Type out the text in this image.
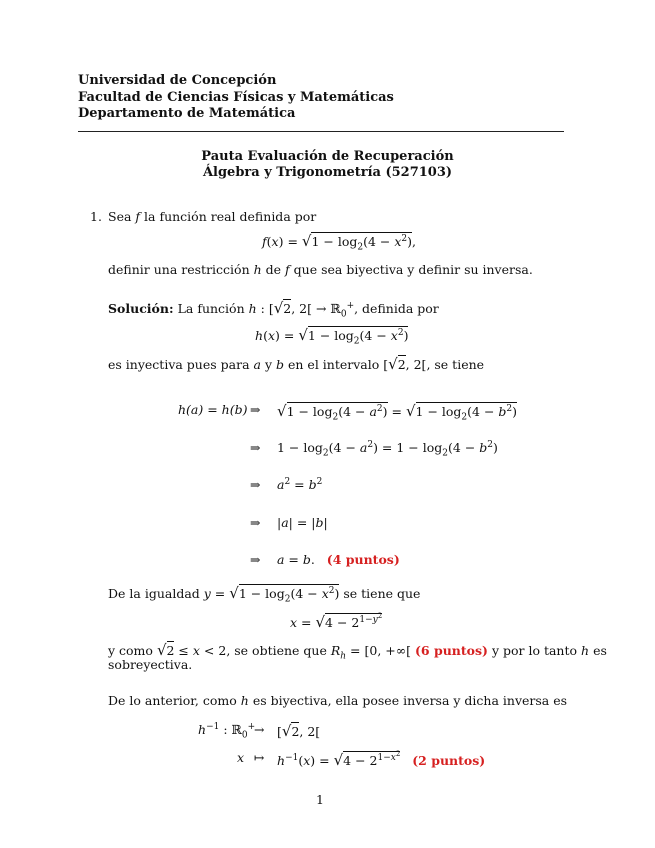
Universidad de Concepción
Facultad de Ciencias Físicas y Matemáticas
Departamento de Matemática
Pauta Evaluación de Recuperación
Álgebra y Trigonometría (527103)
1. Sea f la función real definida por
$f(x) = √1 - \log_2(4 - x^2)$,
definir una restricción h de f que sea biyectiva y definir su inversa.
Solución: La función h : [√2, 2[ → ℝ$_0$+, definida por
$h(x) = √1 - \log_2(4 - x^2)$
es inyectiva pues para a y b en el intervalo [√2, 2[, se tiene
h(a) = h(b) ⇒ $√1 - \log_2(4 - a^2) = √1 - \log_2(4 - b^2)$
⇒ $1 - \log_2(4 - a^2) = 1 - \log_2(4 - b^2)$
⇒ $a^2 = b^2$
⇒ |a| = |b|
⇒ a = b.   (4 puntos)
De la igualdad $y = √1 - \log_2(4 - x^2)$ se tiene que
$x = √4 - 2^{1-y^2}$
y como √2 ≤ x < 2, se obtiene que $R_h = [0$, +∞[ (6 puntos) y por lo tanto h es
sobreyectiva.
De lo anterior, como h es biyectiva, ella posee inversa y dicha inversa es
$h^{-1}$ : ℝ$_0$+
→ [√2, 2[
x ↦ $h^{-1}(x) = √4 - 2^{1-x^2}$ (2 puntos)
1
